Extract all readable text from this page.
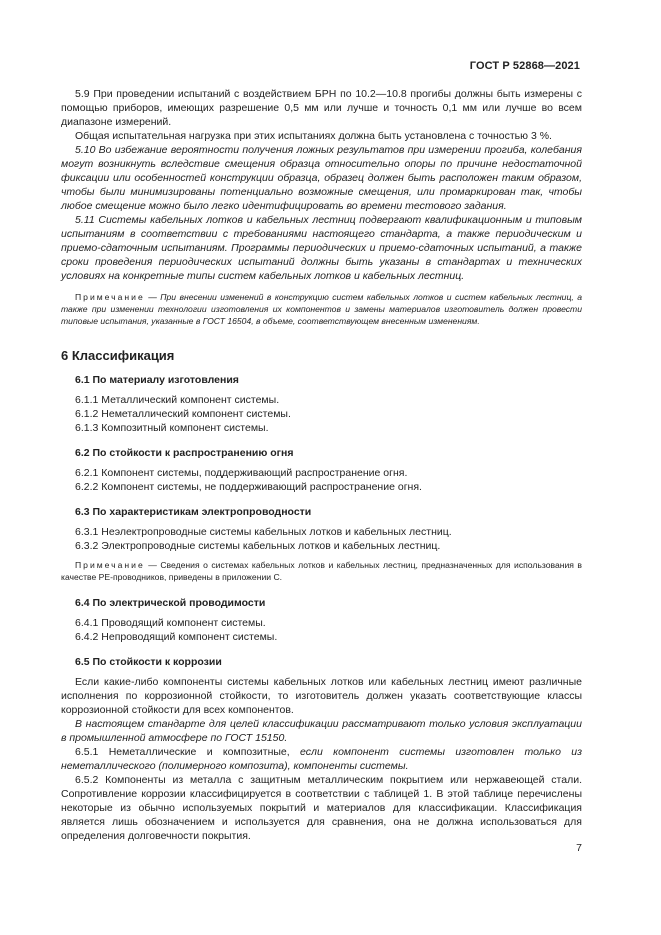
ГОСТ Р 52868—2021

5.9 При проведении испытаний с воздействием БРН по 10.2—10.8 прогибы должны быть измерены с помощью приборов, имеющих разрешение 0,5 мм или лучше и точность 0,1 мм или лучше во всем диапазоне измерений.

Общая испытательная нагрузка при этих испытаниях должна быть установлена с точностью 3 %.

5.10 Во избежание вероятности получения ложных результатов при измерении прогиба, колебания могут возникнуть вследствие смещения образца относительно опоры по причине недостаточной фиксации или особенностей конструкции образца, образец должен быть расположен таким образом, чтобы были минимизированы потенциально возможные смещения, или промаркирован так, чтобы любое смещение можно было легко идентифицировать во времени тестового задания.

5.11 Системы кабельных лотков и кабельных лестниц подвергают квалификационным и типовым испытаниям в соответствии с требованиями настоящего стандарта, а также периодическим и приемо-сдаточным испытаниям. Программы периодических и приемо-сдаточных испытаний, а также сроки проведения периодических испытаний должны быть указаны в стандартах и технических условиях на конкретные типы систем кабельных лотков и кабельных лестниц.

Примечание — При внесении изменений в конструкцию систем кабельных лотков и систем кабельных лестниц, а также при изменении технологии изготовления их компонентов и замены материалов изготовитель должен провести типовые испытания, указанные в ГОСТ 16504, в объеме, соответствующем внесенным изменениям.

6 Классификация

6.1 По материалу изготовления

6.1.1 Металлический компонент системы.

6.1.2 Неметаллический компонент системы.

6.1.3 Композитный компонент системы.

6.2 По стойкости к распространению огня

6.2.1 Компонент системы, поддерживающий распространение огня.

6.2.2 Компонент системы, не поддерживающий распространение огня.

6.3 По характеристикам электропроводности

6.3.1 Неэлектропроводные системы кабельных лотков и кабельных лестниц.

6.3.2 Электропроводные системы кабельных лотков и кабельных лестниц.

Примечание — Сведения о системах кабельных лотков и кабельных лестниц, предназначенных для использования в качестве PE-проводников, приведены в приложении С.

6.4 По электрической проводимости

6.4.1 Проводящий компонент системы.

6.4.2 Непроводящий компонент системы.

6.5 По стойкости к коррозии

Если какие-либо компоненты системы кабельных лотков или кабельных лестниц имеют различные исполнения по коррозионной стойкости, то изготовитель должен указать соответствующие классы коррозионной стойкости для всех компонентов.

В настоящем стандарте для целей классификации рассматривают только условия эксплуатации в промышленной атмосфере по ГОСТ 15150.

6.5.1 Неметаллические и композитные, если компонент системы изготовлен только из неметаллического (полимерного композита), компоненты системы.

6.5.2 Компоненты из металла с защитным металлическим покрытием или нержавеющей стали. Сопротивление коррозии классифицируется в соответствии с таблицей 1. В этой таблице перечислены некоторые из обычно используемых покрытий и материалов для классификации. Классификация является лишь обозначением и используется для сравнения, она не должна использоваться для определения долговечности покрытия.

7
